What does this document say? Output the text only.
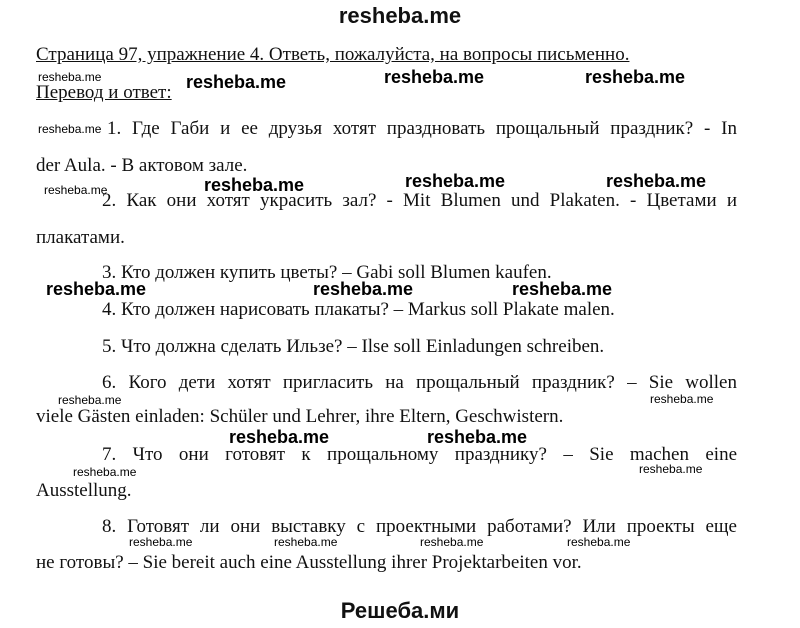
resheba.me
Страница 97, упражнение 4. Ответь, пожалуйста, на вопросы письменно.
Перевод и ответ:
1. Где Габи и ее друзья хотят праздновать прощальный праздник? - In
der Aula. - В актовом зале.
2. Как они хотят украсить зал? - Mit Blumen und Plakaten. - Цветами и
плакатами.
3. Кто должен купить цветы? – Gabi soll Blumen kaufen.
4. Кто должен нарисовать плакаты? – Markus soll Plakate malen.
5. Что должна сделать Ильзе? – Ilse soll Einladungen schreiben.
6. Кого дети хотят пригласить на прощальный праздник? – Sie wollen
viele Gästen einladen: Schüler und Lehrer, ihre Eltern, Geschwistern.
7. Что они готовят к прощальному празднику? – Sie machen eine
Ausstellung.
8. Готовят ли они выставку с проектными работами? Или проекты еще
не готовы? – Sie bereit auch eine Ausstellung ihrer Projektarbeiten vor.
resheba.me	resheba.me	resheba.me
resheba.me	resheba.me	resheba.me
resheba.me	resheba.me	resheba.me
resheba.me	resheba.me
resheba.me
resheba.me
resheba.me
resheba.me	resheba.me
resheba.me	resheba.me
resheba.me	resheba.me	resheba.me	resheba.me
Решеба.ми
